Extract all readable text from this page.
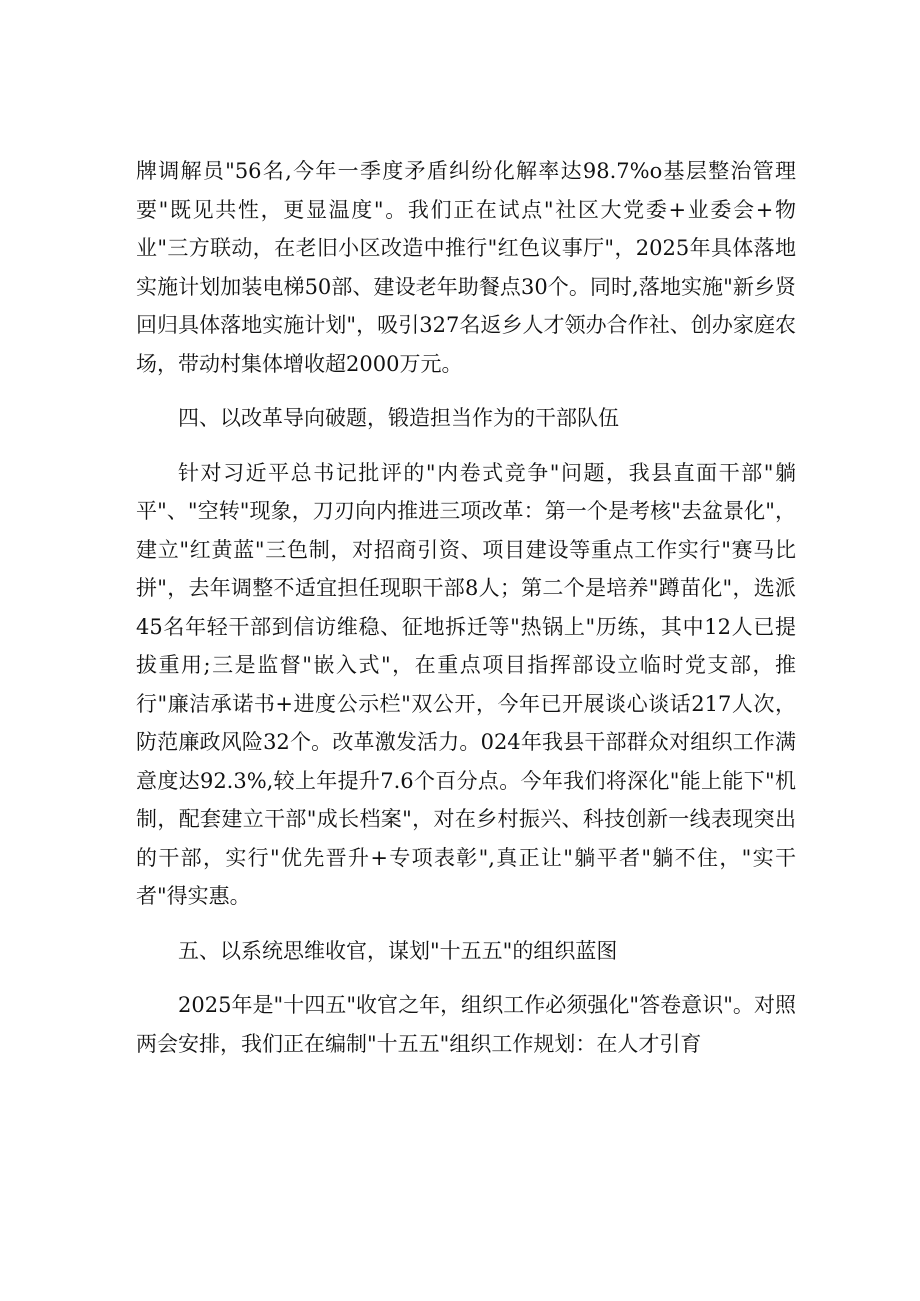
牌调解员"56名,今年一季度矛盾纠纷化解率达98.7%o基层整治管理要"既见共性，更显温度"。我们正在试点"社区大党委+业委会+物业"三方联动，在老旧小区改造中推行"红色议事厅"，2025年具体落地实施计划加装电梯50部、建设老年助餐点30个。同时,落地实施"新乡贤回归具体落地实施计划"，吸引327名返乡人才领办合作社、创办家庭农场，带动村集体增收超2000万元。

四、以改革导向破题，锻造担当作为的干部队伍

针对习近平总书记批评的"内卷式竞争"问题，我县直面干部"躺平"、"空转"现象，刀刃向内推进三项改革：第一个是考核"去盆景化"，建立"红黄蓝"三色制，对招商引资、项目建设等重点工作实行"赛马比拼"，去年调整不适宜担任现职干部8人；第二个是培养"蹲苗化"，选派45名年轻干部到信访维稳、征地拆迁等"热锅上"历练，其中12人已提拔重用;三是监督"嵌入式"，在重点项目指挥部设立临时党支部，推行"廉洁承诺书+进度公示栏"双公开，今年已开展谈心谈话217人次，防范廉政风险32个。改革激发活力。024年我县干部群众对组织工作满意度达92.3%,较上年提升7.6个百分点。今年我们将深化"能上能下"机制，配套建立干部"成长档案"，对在乡村振兴、科技创新一线表现突出的干部，实行"优先晋升+专项表彰",真正让"躺平者"躺不住，"实干者"得实惠。

五、以系统思维收官，谋划"十五五"的组织蓝图

2025年是"十四五"收官之年，组织工作必须强化"答卷意识"。对照两会安排，我们正在编制"十五五"组织工作规划：在人才引育
